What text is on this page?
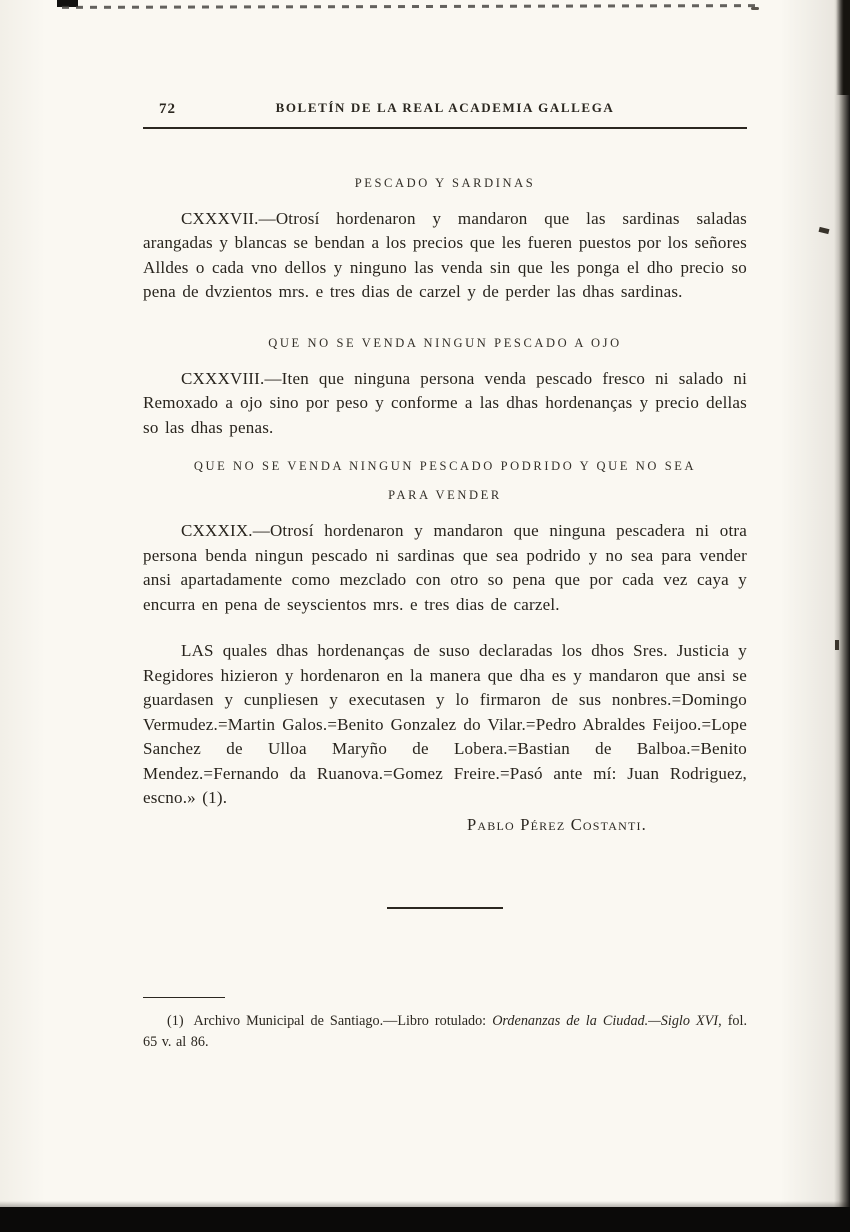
72	BOLETÍN DE LA REAL ACADEMIA GALLEGA
PESCADO Y SARDINAS

CXXXVII.—Otrosí hordenaron y mandaron que las sardinas saladas arangadas y blancas se bendan a los precios que les fueren puestos por los señores Alldes o cada vno dellos y ninguno las venda sin que les ponga el dho precio so pena de dvzientos mrs. e tres dias de carzel y de perder las dhas sardinas.

QUE NO SE VENDA NINGUN PESCADO A OJO

CXXXVIII.—Iten que ninguna persona venda pescado fresco ni salado ni Remoxado a ojo sino por peso y conforme a las dhas hordenanças y precio dellas so las dhas penas.

QUE NO SE VENDA NINGUN PESCADO PODRIDO Y QUE NO SEA
PARA VENDER

CXXXIX.—Otrosí hordenaron y mandaron que ninguna pescadera ni otra persona benda ningun pescado ni sardinas que sea podrido y no sea para vender ansi apartadamente como mezclado con otro so pena que por cada vez caya y encurra en pena de seyscientos mrs. e tres dias de carzel.

LAS quales dhas hordenanças de suso declaradas los dhos Sres. Justicia y Regidores hizieron y hordenaron en la manera que dha es y mandaron que ansi se guardasen y cunpliesen y executasen y lo firmaron de sus nonbres.=Domingo Vermudez.=Martin Galos.=Benito Gonzalez do Vilar.=Pedro Abraldes Feijoo.=Lope Sanchez de Ulloa Maryño de Lobera.=Bastian de Balboa.=Benito Mendez.=Fernando da Ruanova.=Gomez Freire.=Pasó ante mí: Juan Rodriguez, escno.» (1).

Pablo Pérez Costanti.

(1) Archivo Municipal de Santiago.—Libro rotulado: Ordenanzas de la Ciudad.—Siglo XVI, fol. 65 v. al 86.
